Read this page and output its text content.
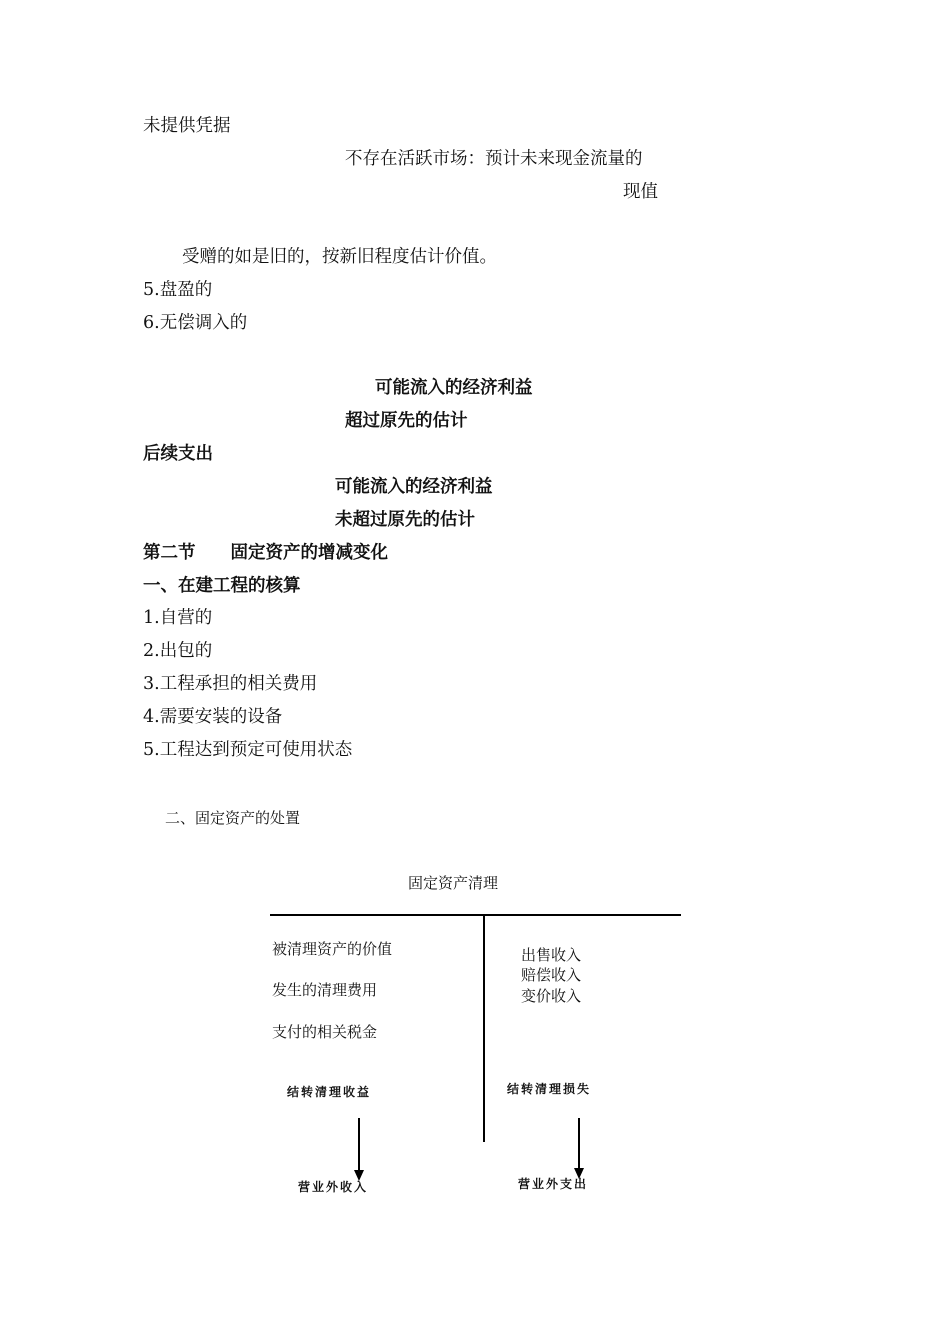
未提供凭据
不存在活跃市场：预计未来现金流量的
现值
受赠的如是旧的，按新旧程度估计价值。
5.盘盈的
6.无偿调入的
可能流入的经济利益
超过原先的估计
后续支出
可能流入的经济利益
未超过原先的估计
第二节　　固定资产的增减变化
一、在建工程的核算
1.自营的
2.出包的
3.工程承担的相关费用
4.需要安装的设备
5.工程达到预定可使用状态
二、固定资产的处置
固定资产清理
被清理资产的价值
发生的清理费用
支付的相关税金
出售收入
赔偿收入
变价收入
结转清理收益
营业外收入
结转清理损失
营业外支出
